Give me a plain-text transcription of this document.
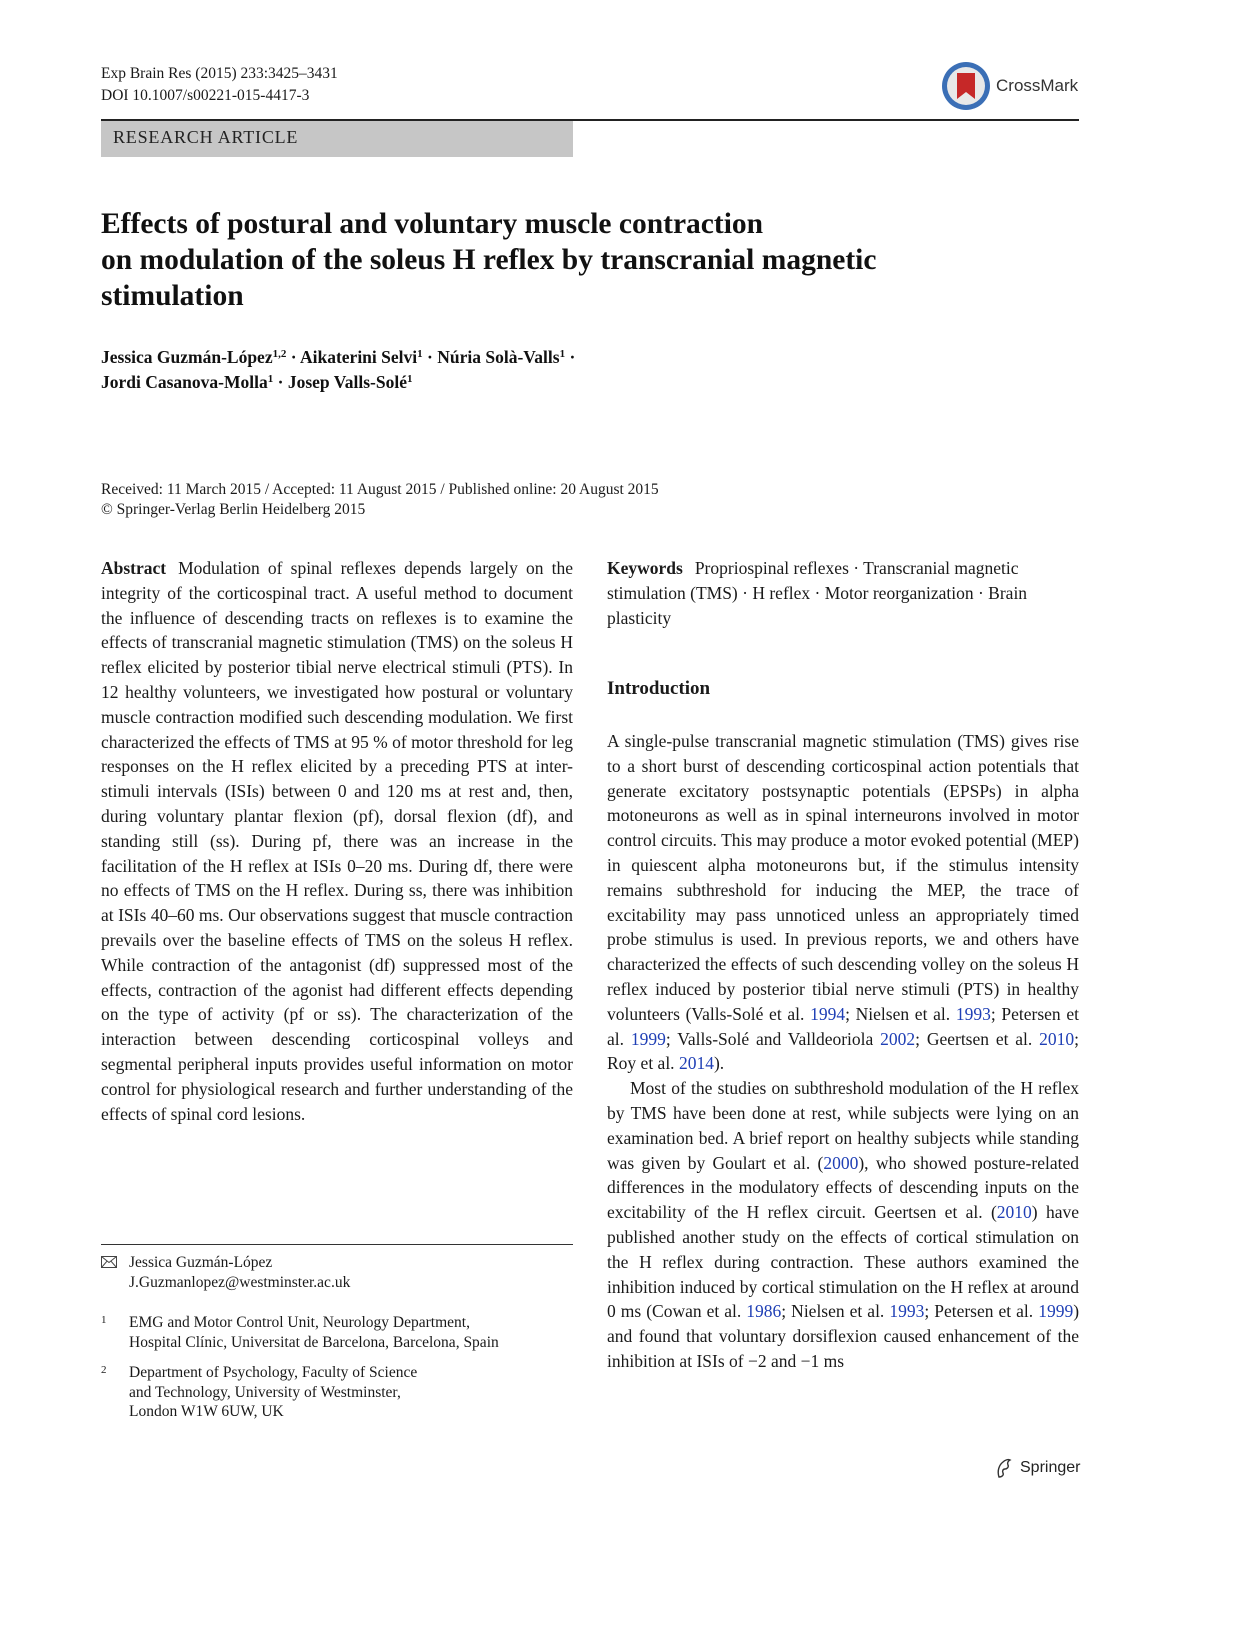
Exp Brain Res (2015) 233:3425–3431
DOI 10.1007/s00221-015-4417-3
CrossMark
RESEARCH ARTICLE
Effects of postural and voluntary muscle contraction
on modulation of the soleus H reflex by transcranial magnetic
stimulation
Jessica Guzmán-López$^{1,2}$ · Aikaterini Selvi$^1$ · Núria Solà-Valls$^1$ ·
Jordi Casanova-Molla$^1$ · Josep Valls-Solé$^1$
Received: 11 March 2015 / Accepted: 11 August 2015 / Published online: 20 August 2015
© Springer-Verlag Berlin Heidelberg 2015

Abstract Modulation of spinal reflexes depends largely on the integrity of the corticospinal tract. A useful method to document the influence of descending tracts on reflexes is to examine the effects of transcranial magnetic stimulation (TMS) on the soleus H reflex elicited by posterior tibial nerve electrical stimuli (PTS). In 12 healthy volunteers, we investigated how postural or voluntary muscle contraction modified such descending modulation. We first characterized the effects of TMS at 95 % of motor threshold for leg responses on the H reflex elicited by a preceding PTS at inter-stimuli intervals (ISIs) between 0 and 120 ms at rest and, then, during voluntary plantar flexion (pf), dorsal flexion (df), and standing still (ss). During pf, there was an increase in the facilitation of the H reflex at ISIs 0–20 ms. During df, there were no effects of TMS on the H reflex. During ss, there was inhibition at ISIs 40–60 ms. Our observations suggest that muscle contraction prevails over the baseline effects of TMS on the soleus H reflex. While contraction of the antagonist (df) suppressed most of the effects, contraction of the agonist had different effects depending on the type of activity (pf or ss). The characterization of the interaction between descending corticospinal volleys and segmental peripheral inputs provides useful information on motor control for physiological research and further understanding of the effects of spinal cord lesions.

Keywords Propriospinal reflexes · Transcranial magnetic stimulation (TMS) · H reflex · Motor reorganization · Brain plasticity

Introduction

A single-pulse transcranial magnetic stimulation (TMS) gives rise to a short burst of descending corticospinal action potentials that generate excitatory postsynaptic potentials (EPSPs) in alpha motoneurons as well as in spinal interneurons involved in motor control circuits. This may produce a motor evoked potential (MEP) in quiescent alpha motoneurons but, if the stimulus intensity remains subthreshold for inducing the MEP, the trace of excitability may pass unnoticed unless an appropriately timed probe stimulus is used. In previous reports, we and others have characterized the effects of such descending volley on the soleus H reflex induced by posterior tibial nerve stimuli (PTS) in healthy volunteers (Valls-Solé et al. 1994; Nielsen et al. 1993; Petersen et al. 1999; Valls-Solé and Valldeoriola 2002; Geertsen et al. 2010; Roy et al. 2014).

Most of the studies on subthreshold modulation of the H reflex by TMS have been done at rest, while subjects were lying on an examination bed. A brief report on healthy subjects while standing was given by Goulart et al. (2000), who showed posture-related differences in the modulatory effects of descending inputs on the excitability of the H reflex circuit. Geertsen et al. (2010) have published another study on the effects of cortical stimulation on the H reflex during contraction. These authors examined the inhibition induced by cortical stimulation on the H reflex at around 0 ms (Cowan et al. 1986; Nielsen et al. 1993; Petersen et al. 1999) and found that voluntary dorsiflexion caused enhancement of the inhibition at ISIs of −2 and −1 ms

Jessica Guzmán-López
J.Guzmanlopez@westminster.ac.uk
1 EMG and Motor Control Unit, Neurology Department,
Hospital Clínic, Universitat de Barcelona, Barcelona, Spain
2 Department of Psychology, Faculty of Science
and Technology, University of Westminster,
London W1W 6UW, UK
Springer
